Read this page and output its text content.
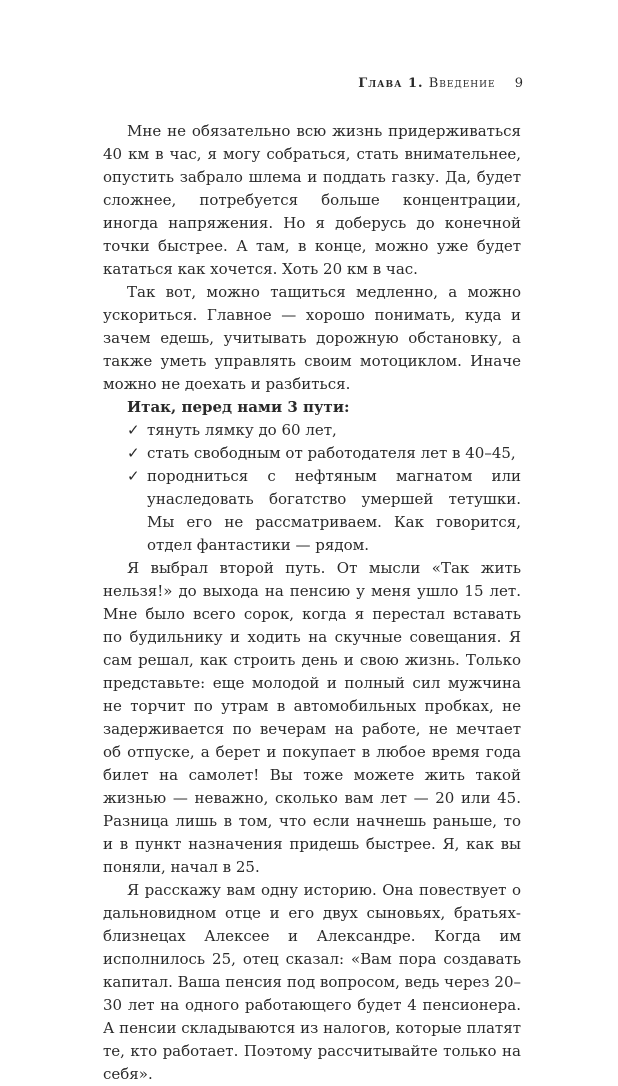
Глава 1. Введение 9

Мне не обязательно всю жизнь придерживаться 40 км в час, я могу собраться, стать внимательнее, опустить забрало шлема и поддать газку. Да, будет сложнее, потребуется больше концентрации, иногда напряжения. Но я доберусь до конечной точки быстрее. А там, в конце, можно уже будет кататься как хочется. Хоть 20 км в час.

Так вот, можно тащиться медленно, а можно ускориться. Главное — хорошо понимать, куда и зачем едешь, учитывать дорожную обстановку, а также уметь управлять своим мотоциклом. Иначе можно не доехать и разбиться.

Итак, перед нами 3 пути:
✓ тянуть лямку до 60 лет,
✓ стать свободным от работодателя лет в 40–45,
✓ породниться с нефтяным магнатом или унаследовать богатство умершей тетушки. Мы его не рассматриваем. Как говорится, отдел фантастики — рядом.

Я выбрал второй путь. От мысли «Так жить нельзя!» до выхода на пенсию у меня ушло 15 лет. Мне было всего сорок, когда я перестал вставать по будильнику и ходить на скучные совещания. Я сам решал, как строить день и свою жизнь. Только представьте: еще молодой и полный сил мужчина не торчит по утрам в автомобильных пробках, не задерживается по вечерам на работе, не мечтает об отпуске, а берет и покупает в любое время года билет на самолет! Вы тоже можете жить такой жизнью — неважно, сколько вам лет — 20 или 45. Разница лишь в том, что если начнешь раньше, то и в пункт назначения придешь быстрее. Я, как вы поняли, начал в 25.

Я расскажу вам одну историю. Она повествует о дальновидном отце и его двух сыновьях, братьях-близнецах Алексее и Александре. Когда им исполнилось 25, отец сказал: «Вам пора создавать капитал. Ваша пенсия под вопросом, ведь через 20–30 лет на одного работающего будет 4 пенсионера. А пенсии складываются из налогов, которые платят те, кто работает. Поэтому рассчитывайте только на себя».
